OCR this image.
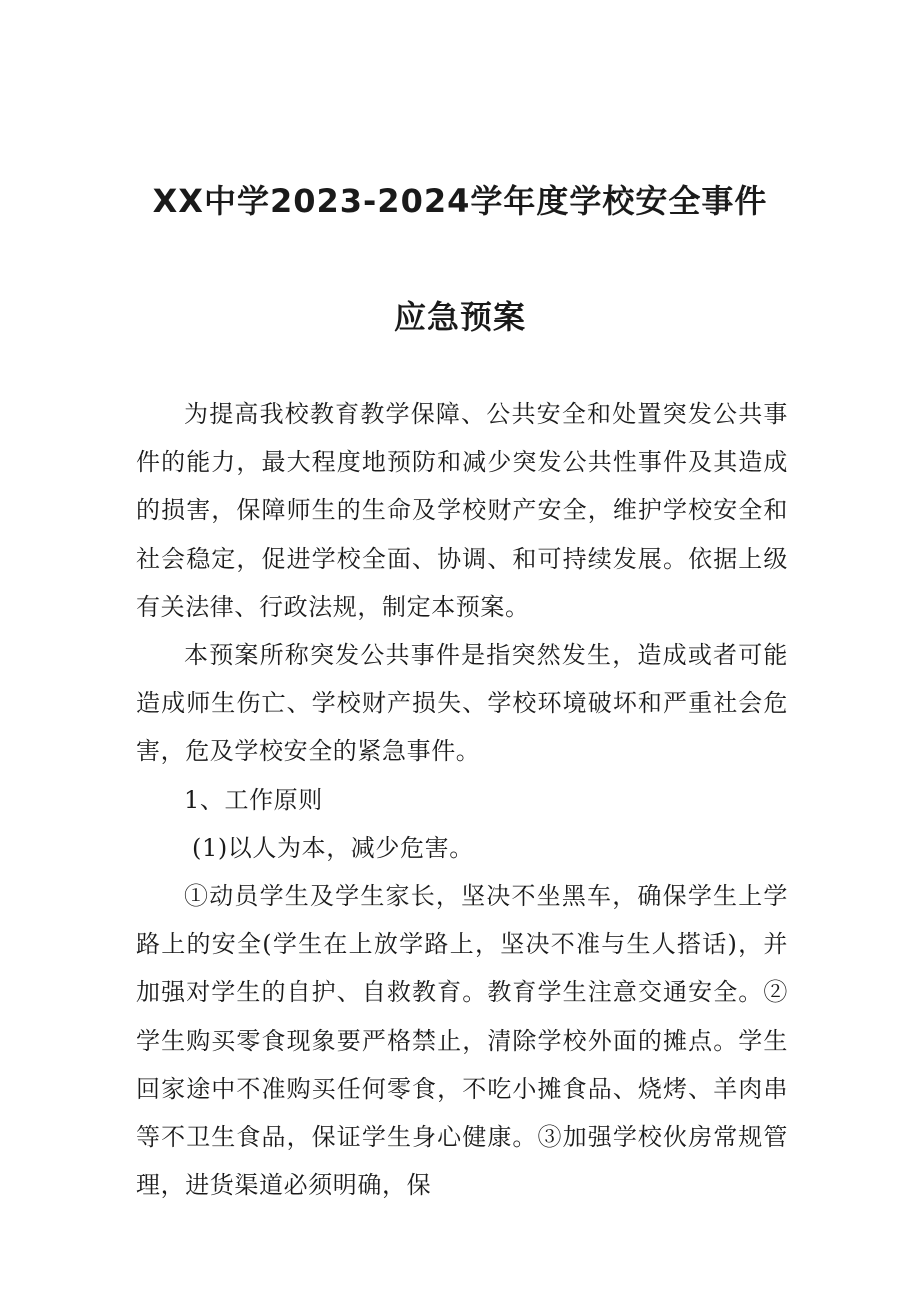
XX中学2023-2024学年度学校安全事件
应急预案

为提高我校教育教学保障、公共安全和处置突发公共事件的能力，最大程度地预防和减少突发公共性事件及其造成的损害，保障师生的生命及学校财产安全，维护学校安全和社会稳定，促进学校全面、协调、和可持续发展。依据上级有关法律、行政法规，制定本预案。

本预案所称突发公共事件是指突然发生，造成或者可能造成师生伤亡、学校财产损失、学校环境破坏和严重社会危害，危及学校安全的紧急事件。

1、工作原则

(1)以人为本，减少危害。

①动员学生及学生家长，坚决不坐黑车，确保学生上学路上的安全(学生在上放学路上，坚决不准与生人搭话)，并加强对学生的自护、自救教育。教育学生注意交通安全。②学生购买零食现象要严格禁止，清除学校外面的摊点。学生回家途中不准购买任何零食，不吃小摊食品、烧烤、羊肉串等不卫生食品，保证学生身心健康。③加强学校伙房常规管理，进货渠道必须明确，保
